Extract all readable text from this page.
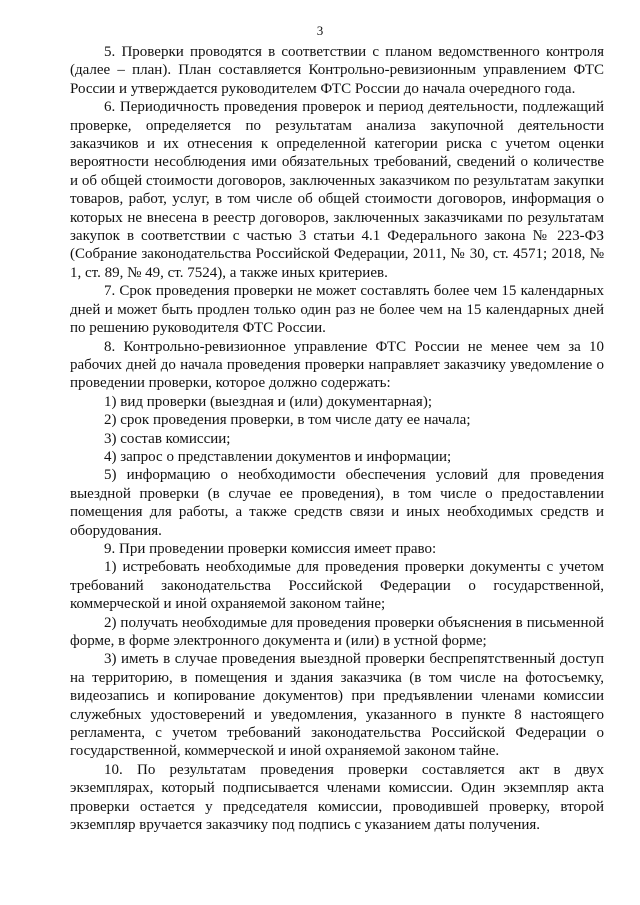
3

5. Проверки проводятся в соответствии с планом ведомственного контроля (далее – план). План составляется Контрольно-ревизионным управлением ФТС России и утверждается руководителем ФТС России до начала очередного года.

6. Периодичность проведения проверок и период деятельности, подлежащий проверке, определяется по результатам анализа закупочной деятельности заказчиков и их отнесения к определенной категории риска с учетом оценки вероятности несоблюдения ими обязательных требований, сведений о количестве и об общей стоимости договоров, заключенных заказчиком по результатам закупки товаров, работ, услуг, в том числе об общей стоимости договоров, информация о которых не внесена в реестр договоров, заключенных заказчиками по результатам закупок в соответствии с частью 3 статьи 4.1 Федерального закона № 223-ФЗ (Собрание законодательства Российской Федерации, 2011, № 30, ст. 4571; 2018, № 1, ст. 89, № 49, ст. 7524), а также иных критериев.

7. Срок проведения проверки не может составлять более чем 15 календарных дней и может быть продлен только один раз не более чем на 15 календарных дней по решению руководителя ФТС России.

8. Контрольно-ревизионное управление ФТС России не менее чем за 10 рабочих дней до начала проведения проверки направляет заказчику уведомление о проведении проверки, которое должно содержать:

1) вид проверки (выездная и (или) документарная);

2) срок проведения проверки, в том числе дату ее начала;

3) состав комиссии;

4) запрос о представлении документов и информации;

5) информацию о необходимости обеспечения условий для проведения выездной проверки (в случае ее проведения), в том числе о предоставлении помещения для работы, а также средств связи и иных необходимых средств и оборудования.

9. При проведении проверки комиссия имеет право:

1) истребовать необходимые для проведения проверки документы с учетом требований законодательства Российской Федерации о государственной, коммерческой и иной охраняемой законом тайне;

2) получать необходимые для проведения проверки объяснения в письменной форме, в форме электронного документа и (или) в устной форме;

3) иметь в случае проведения выездной проверки беспрепятственный доступ на территорию, в помещения и здания заказчика (в том числе на фотосъемку, видеозапись и копирование документов) при предъявлении членами комиссии служебных удостоверений и уведомления, указанного в пункте 8 настоящего регламента, с учетом требований законодательства Российской Федерации о государственной, коммерческой и иной охраняемой законом тайне.

10. По результатам проведения проверки составляется акт в двух экземплярах, который подписывается членами комиссии. Один экземпляр акта проверки остается у председателя комиссии, проводившей проверку, второй экземпляр вручается заказчику под подпись с указанием даты получения.
